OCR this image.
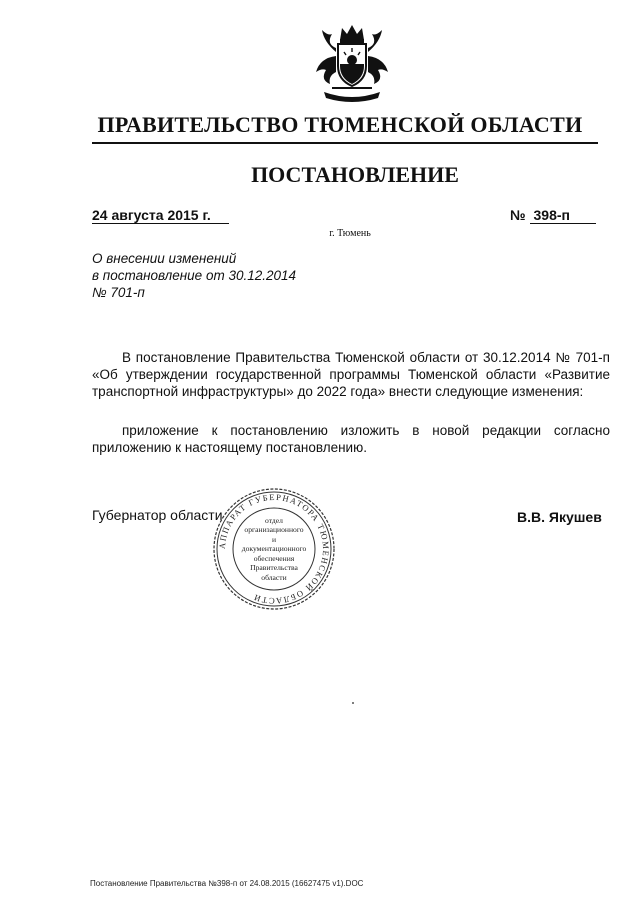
ПРАВИТЕЛЬСТВО ТЮМЕНСКОЙ ОБЛАСТИ
ПОСТАНОВЛЕНИЕ
24 августа 2015 г.	№ 398-п
г. Тюмень
О внесении изменений
в постановление от 30.12.2014
№ 701-п
В постановление Правительства Тюменской области от 30.12.2014 № 701-п «Об утверждении государственной программы Тюменской области «Развитие транспортной инфраструктуры» до 2022 года» внести следующие изменения:
приложение к постановлению изложить в новой редакции согласно приложению к настоящему постановлению.
Губернатор области	В.В. Якушев
АППАРАТ ГУБЕРНАТОРА ТЮМЕНСКОЙ ОБЛАСТИ
отдел
организационного
и
документационного
обеспечения
Правительства
области
Постановление Правительства №398-п от 24.08.2015 (16627475 v1).DOC
